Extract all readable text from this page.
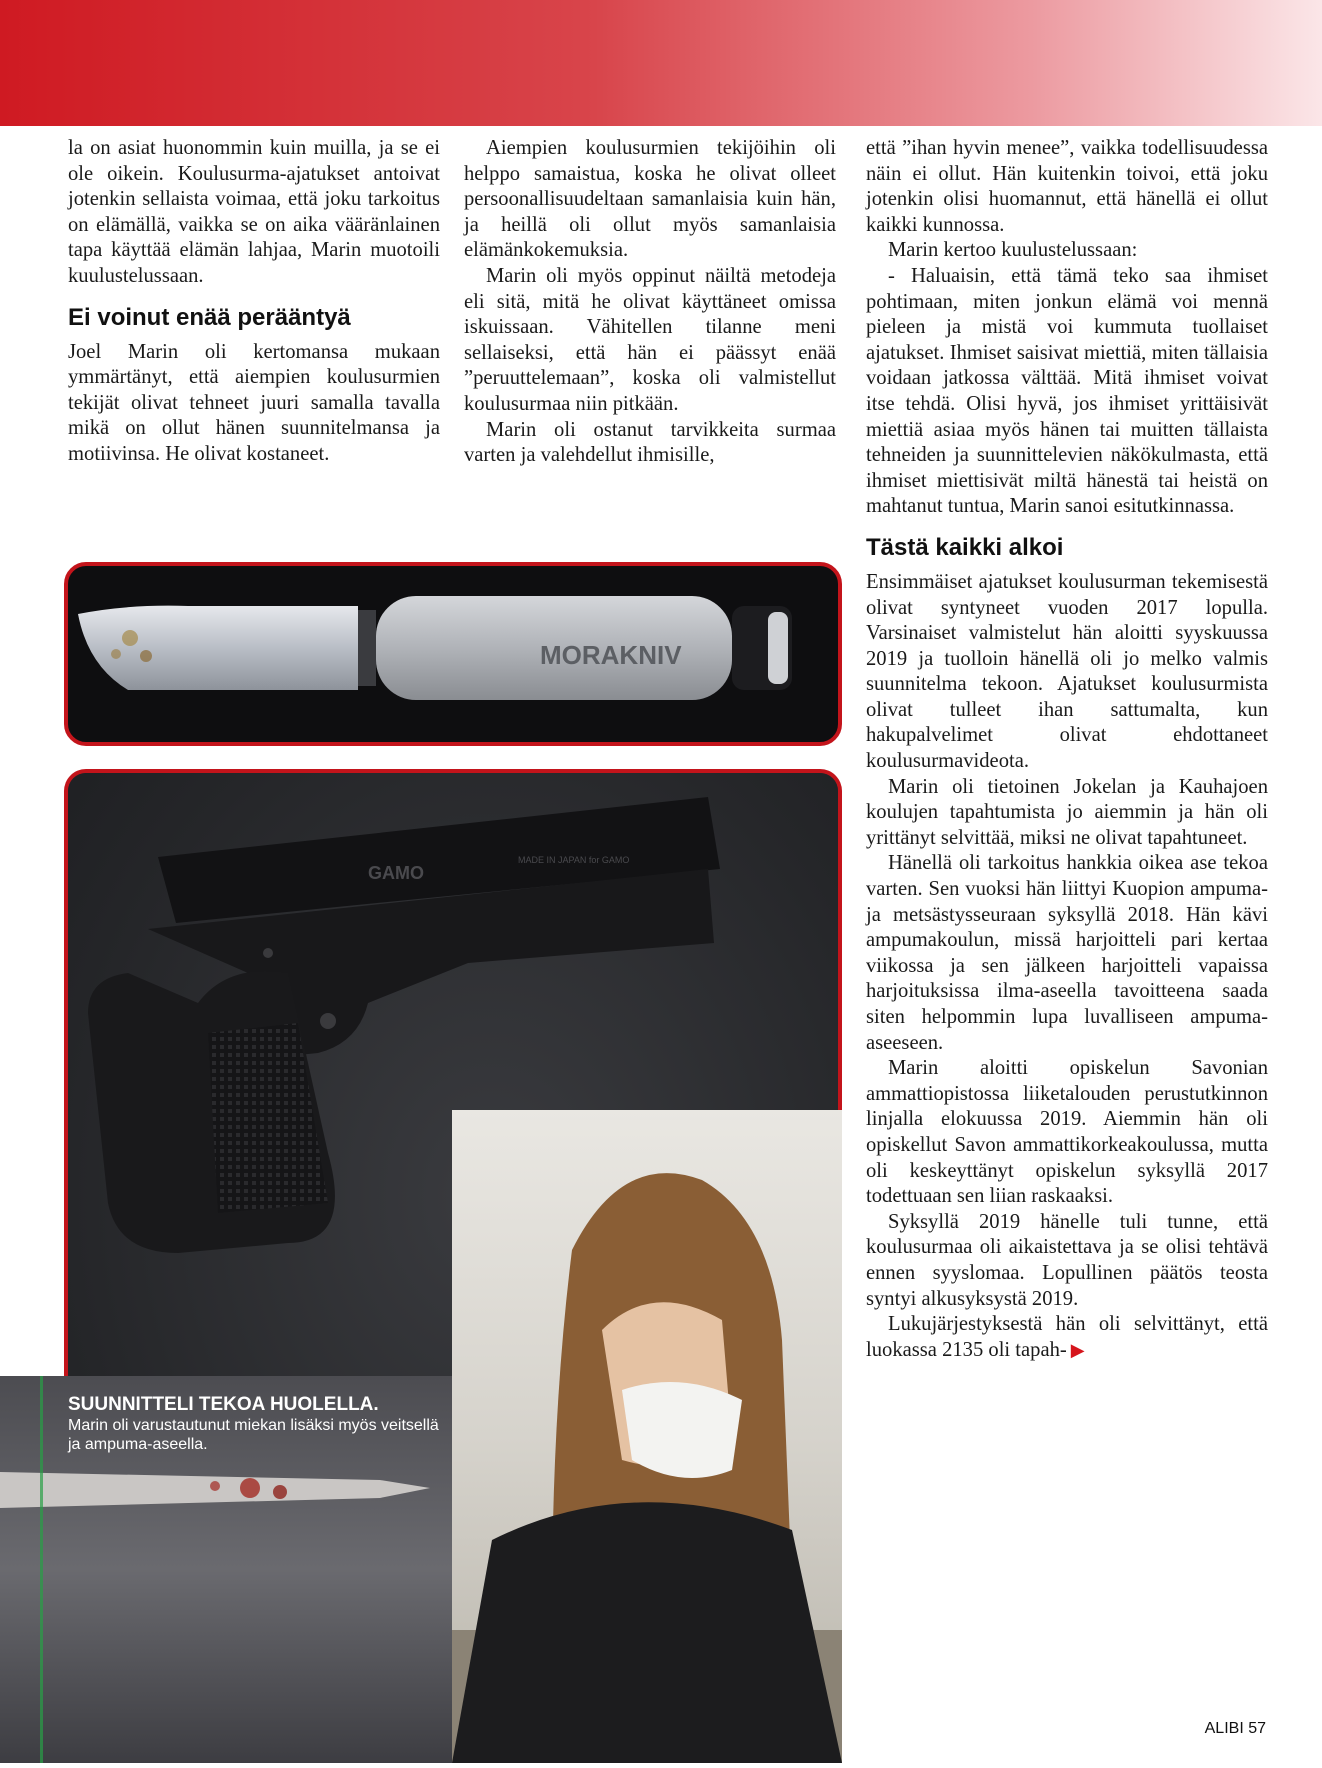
la on asiat huonommin kuin muilla, ja se ei ole oikein. Koulusurma-ajatukset antoivat jotenkin sellaista voimaa, että joku tarkoitus on elämällä, vaikka se on aika vääränlainen tapa käyttää elämän lahjaa, Marin muotoili kuulustelussaan.

Ei voinut enää perääntyä

Joel Marin oli kertomansa mukaan ymmärtänyt, että aiempien koulusurmien tekijät olivat tehneet juuri samalla tavalla mikä on ollut hänen suunnitelmansa ja motiivinsa. He olivat kostaneet.

Aiempien koulusurmien tekijöihin oli helppo samaistua, koska he olivat olleet persoonallisuudeltaan samanlaisia kuin hän, ja heillä oli ollut myös samanlaisia elämänkokemuksia.

Marin oli myös oppinut näiltä metodeja eli sitä, mitä he olivat käyttäneet omissa iskuissaan. Vähitellen tilanne meni sellaiseksi, että hän ei päässyt enää ”peruuttelemaan”, koska oli valmistellut koulusurmaa niin pitkään.

Marin oli ostanut tarvikkeita surmaa varten ja valehdellut ihmisille,

että ”ihan hyvin menee”, vaikka todellisuudessa näin ei ollut. Hän kuitenkin toivoi, että joku jotenkin olisi huomannut, että hänellä ei ollut kaikki kunnossa.

Marin kertoo kuulustelussaan:

- Haluaisin, että tämä teko saa ihmiset pohtimaan, miten jonkun elämä voi mennä pieleen ja mistä voi kummuta tuollaiset ajatukset. Ihmiset saisivat miettiä, miten tällaisia voidaan jatkossa välttää. Mitä ihmiset voivat itse tehdä. Olisi hyvä, jos ihmiset yrittäisivät miettiä asiaa myös hänen tai muitten tällaista tehneiden ja suunnittelevien näkökulmasta, että ihmiset miettisivät miltä hänestä tai heistä on mahtanut tuntua, Marin sanoi esitutkinnassa.

Tästä kaikki alkoi

Ensimmäiset ajatukset koulusurman tekemisestä olivat syntyneet vuoden 2017 lopulla. Varsinaiset valmistelut hän aloitti syyskuussa 2019 ja tuolloin hänellä oli jo melko valmis suunnitelma tekoon. Ajatukset koulusurmista olivat tulleet ihan sattumalta, kun hakupalvelimet olivat ehdottaneet koulusurmavideota.

Marin oli tietoinen Jokelan ja Kauhajoen koulujen tapahtumista jo aiemmin ja hän oli yrittänyt selvittää, miksi ne olivat tapahtuneet.

Hänellä oli tarkoitus hankkia oikea ase tekoa varten. Sen vuoksi hän liittyi Kuopion ampuma- ja metsästysseuraan syksyllä 2018. Hän kävi ampumakoulun, missä harjoitteli pari kertaa viikossa ja sen jälkeen harjoitteli vapaissa harjoituksissa ilma-aseella tavoitteena saada siten helpommin lupa luvalliseen ampuma-aseeseen.

Marin aloitti opiskelun Savonian ammattiopistossa liiketalouden perustutkinnon linjalla elokuussa 2019. Aiemmin hän oli opiskellut Savon ammattikorkeakoulussa, mutta oli keskeyttänyt opiskelun syksyllä 2017 todettuaan sen liian raskaaksi.

Syksyllä 2019 hänelle tuli tunne, että koulusurmaa oli aikaistettava ja se olisi tehtävä ennen syyslomaa. Lopullinen päätös teosta syntyi alkusyksystä 2019.

Lukujärjestyksestä hän oli selvittänyt, että luokassa 2135 oli tapah- ▶

MORAKNIV
GAMO
MADE IN JAPAN for GAMO
SUUNNITTELI TEKOA HUOLELLA.
Marin oli varustautunut miekan lisäksi myös veitsellä ja ampuma-aseella.
ALIBI 57
